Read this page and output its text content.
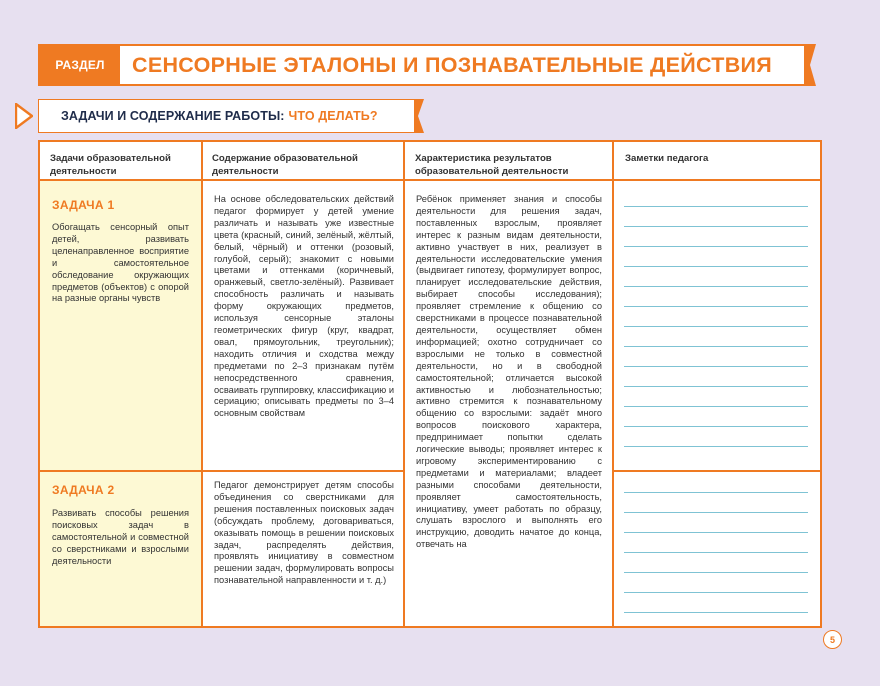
РАЗДЕЛ	СЕНСОРНЫЕ ЭТАЛОНЫ И ПОЗНАВАТЕЛЬНЫЕ ДЕЙСТВИЯ
ЗАДАЧИ И СОДЕРЖАНИЕ РАБОТЫ: ЧТО ДЕЛАТЬ?
Задачи образовательной деятельности
Содержание образовательной деятельности
Характеристика результатов образовательной деятельности
Заметки педагога
ЗАДАЧА 1
Обогащать сенсорный опыт детей, развивать целенаправленное восприятие и самостоятельное обследование окружающих предметов (объектов) с опорой на разные органы чувств
На основе обследовательских действий педагог формирует у детей умение различать и называть уже известные цвета (красный, синий, зелёный, жёлтый, белый, чёрный) и оттенки (розовый, голубой, серый); знакомит с новыми цветами и оттенками (коричневый, оранжевый, светло-зелёный). Развивает способность различать и называть форму окружающих предметов, используя сенсорные эталоны геометрических фигур (круг, квадрат, овал, прямоугольник, треугольник); находить отличия и сходства между предметами по 2–3 признакам путём непосредственного сравнения, осваивать группировку, классификацию и сериацию; описывать предметы по 3–4 основным свойствам
ЗАДАЧА 2
Развивать способы решения поисковых задач в самостоятельной и совместной со сверстниками и взрослыми деятельности
Педагог демонстрирует детям способы объединения со сверстниками для решения поставленных поисковых задач (обсуждать проблему, договариваться, оказывать помощь в решении поисковых задач, распределять действия, проявлять инициативу в совместном решении задач, формулировать вопросы познавательной направленности и т. д.)
Ребёнок применяет знания и способы деятельности для решения задач, поставленных взрослым, проявляет интерес к разным видам деятельности, активно участвует в них, реализует в деятельности исследовательские умения (выдвигает гипотезу, формулирует вопрос, планирует исследовательские действия, выбирает способы исследования); проявляет стремление к общению со сверстниками в процессе познавательной деятельности, осуществляет обмен информацией; охотно сотрудничает со взрослыми не только в совместной деятельности, но и в свободной самостоятельной; отличается высокой активностью и любознательностью; активно стремится к познавательному общению со взрослыми: задаёт много вопросов поискового характера, предпринимает попытки сделать логические выводы; проявляет интерес к игровому экспериментированию с предметами и материалами; владеет разными способами деятельности, проявляет самостоятельность, инициативу, умеет работать по образцу, слушать взрослого и выполнять его инструкцию, доводить начатое до конца, отвечать на
5
